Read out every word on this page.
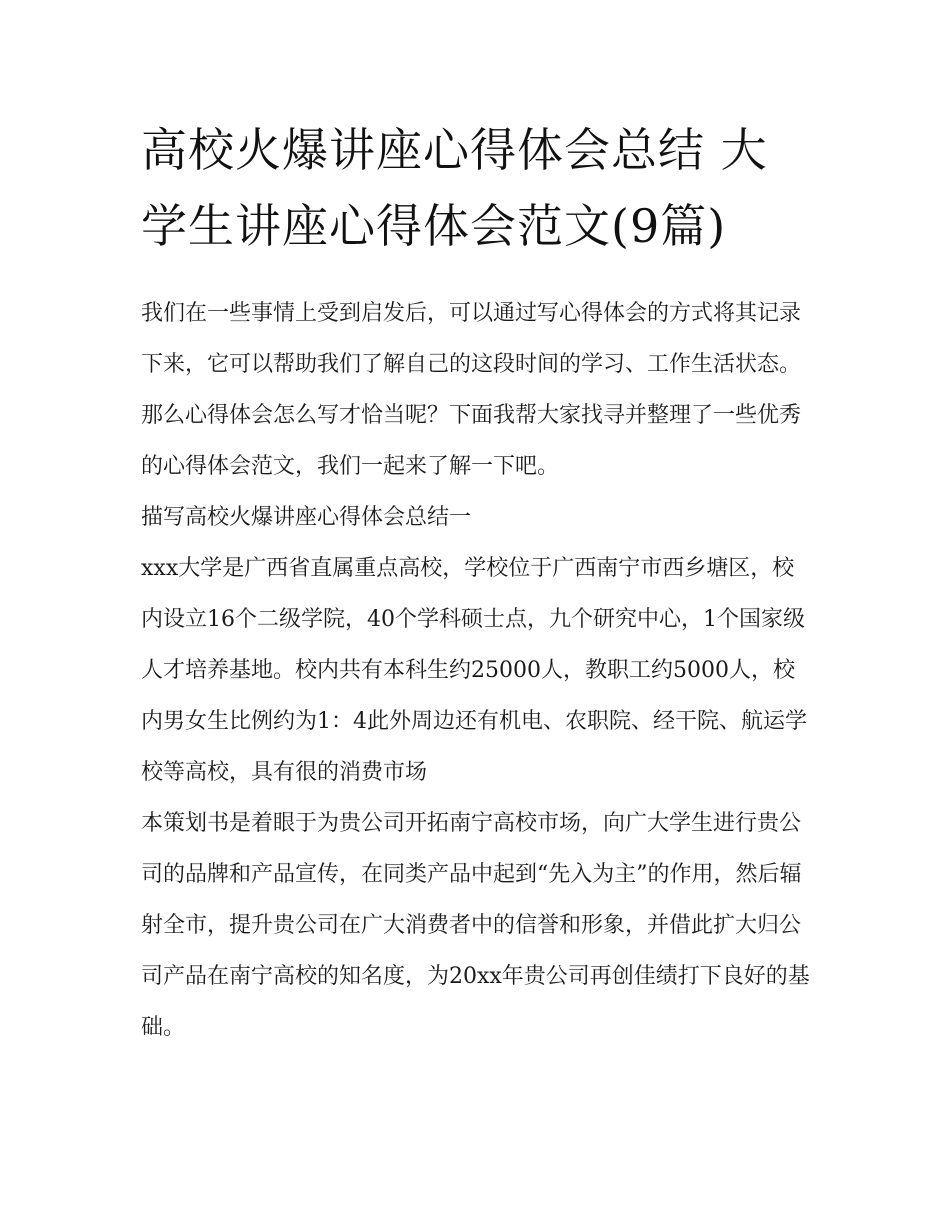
高校火爆讲座心得体会总结 大学生讲座心得体会范文(9篇)

我们在一些事情上受到启发后，可以通过写心得体会的方式将其记录下来，它可以帮助我们了解自己的这段时间的学习、工作生活状态。那么心得体会怎么写才恰当呢？下面我帮大家找寻并整理了一些优秀的心得体会范文，我们一起来了解一下吧。

描写高校火爆讲座心得体会总结一

xxx大学是广西省直属重点高校，学校位于广西南宁市西乡塘区，校内设立16个二级学院，40个学科硕士点，九个研究中心，1个国家级人才培养基地。校内共有本科生约25000人，教职工约5000人，校内男女生比例约为1：4此外周边还有机电、农职院、经干院、航运学校等高校，具有很的消费市场

本策划书是着眼于为贵公司开拓南宁高校市场，向广大学生进行贵公司的品牌和产品宣传，在同类产品中起到“先入为主”的作用，然后辐射全市，提升贵公司在广大消费者中的信誉和形象，并借此扩大归公司产品在南宁高校的知名度，为20xx年贵公司再创佳绩打下良好的基础。
